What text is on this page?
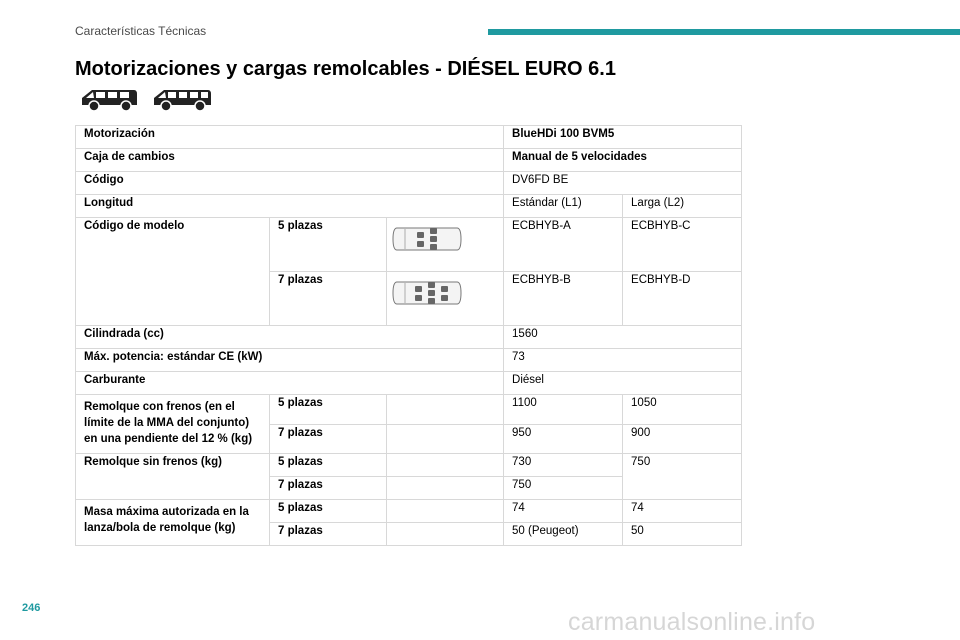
Características Técnicas
Motorizaciones y cargas remolcables - DIÉSEL EURO 6.1
Motorización			BlueHDi 100 BVM5	
Caja de cambios			Manual de 5 velocidades	
Código			DV6FD BE	
Longitud			Estándar (L1)	Larga (L2)
Código de modelo	5 plazas		ECBHYB-A	ECBHYB-C
	7 plazas		ECBHYB-B	ECBHYB-D
Cilindrada (cc)			1560	
Máx. potencia: estándar CE (kW)			73	
Carburante			Diésel	
Remolque con frenos (en el límite de la MMA del conjunto) en una pendiente del 12 % (kg)	5 plazas		1100	1050
	7 plazas		950	900
Remolque sin frenos (kg)	5 plazas		730	750
	7 plazas		750	
Masa máxima autorizada en la lanza/bola de remolque (kg)	5 plazas		74	74
	7 plazas		50 (Peugeot)	50
246	carmanualsonline.info
